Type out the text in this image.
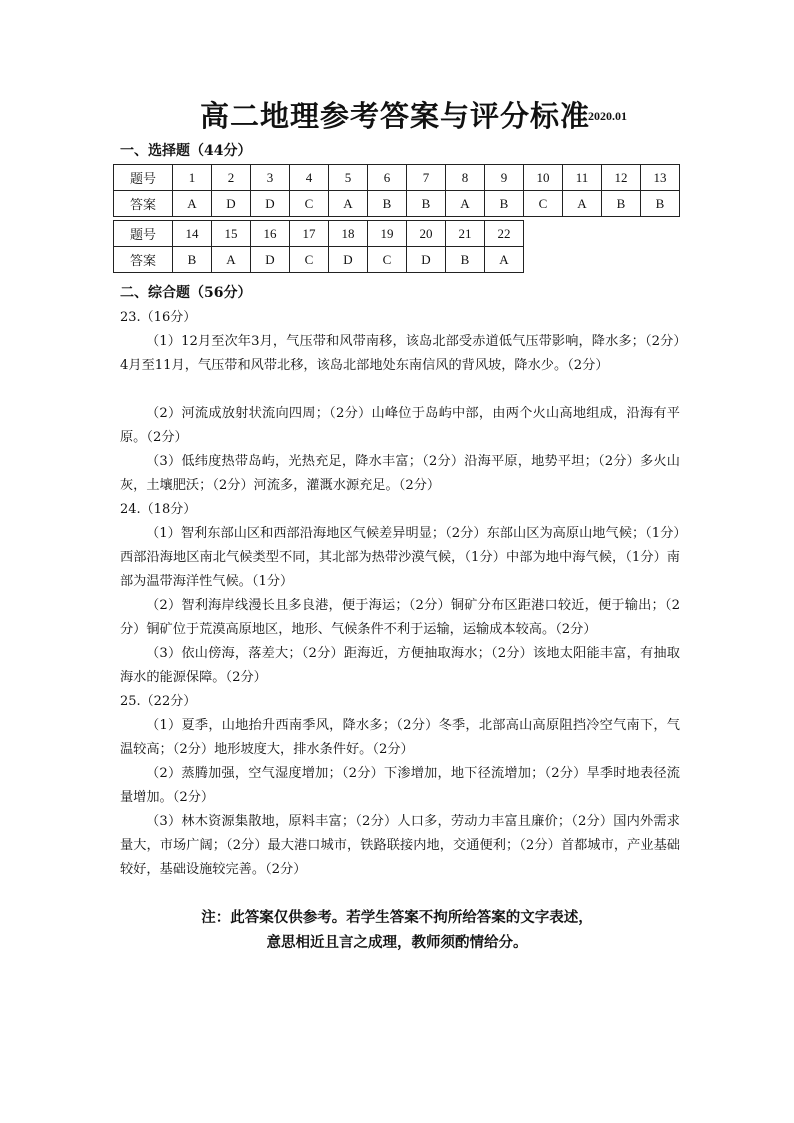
高二地理参考答案与评分标准
2020.01
一、选择题（44分）
题号	1	2	3	4	5	6	7	8	9	10	11	12	13
答案	A	D	D	C	A	B	B	A	B	C	A	B	B
题号	14	15	16	17	18	19	20	21	22
答案	B	A	D	C	D	C	D	B	A
二、综合题（56分）
23.（16分）
（1）12月至次年3月，气压带和风带南移，该岛北部受赤道低气压带影响，降水多；（2分）4月至11月，气压带和风带北移，该岛北部地处东南信风的背风坡，降水少。（2分）
（2）河流成放射状流向四周；（2分）山峰位于岛屿中部，由两个火山高地组成，沿海有平原。（2分）
（3）低纬度热带岛屿，光热充足，降水丰富；（2分）沿海平原，地势平坦；（2分）多火山灰，土壤肥沃；（2分）河流多，灌溉水源充足。（2分）
24.（18分）
（1）智利东部山区和西部沿海地区气候差异明显；（2分）东部山区为高原山地气候；（1分）西部沿海地区南北气候类型不同，其北部为热带沙漠气候，（1分）中部为地中海气候，（1分）南部为温带海洋性气候。（1分）
（2）智利海岸线漫长且多良港，便于海运；（2分）铜矿分布区距港口较近，便于输出；（2分）铜矿位于荒漠高原地区，地形、气候条件不利于运输，运输成本较高。（2分）
（3）依山傍海，落差大；（2分）距海近，方便抽取海水；（2分）该地太阳能丰富，有抽取海水的能源保障。（2分）
25.（22分）
（1）夏季，山地抬升西南季风，降水多；（2分）冬季，北部高山高原阻挡冷空气南下，气温较高；（2分）地形坡度大，排水条件好。（2分）
（2）蒸腾加强，空气湿度增加；（2分）下渗增加，地下径流增加；（2分）旱季时地表径流量增加。（2分）
（3）林木资源集散地，原料丰富；（2分）人口多，劳动力丰富且廉价；（2分）国内外需求量大，市场广阔；（2分）最大港口城市，铁路联接内地，交通便利；（2分）首都城市，产业基础较好，基础设施较完善。（2分）
注：此答案仅供参考。若学生答案不拘所给答案的文字表述，
意思相近且言之成理，教师须酌情给分。
